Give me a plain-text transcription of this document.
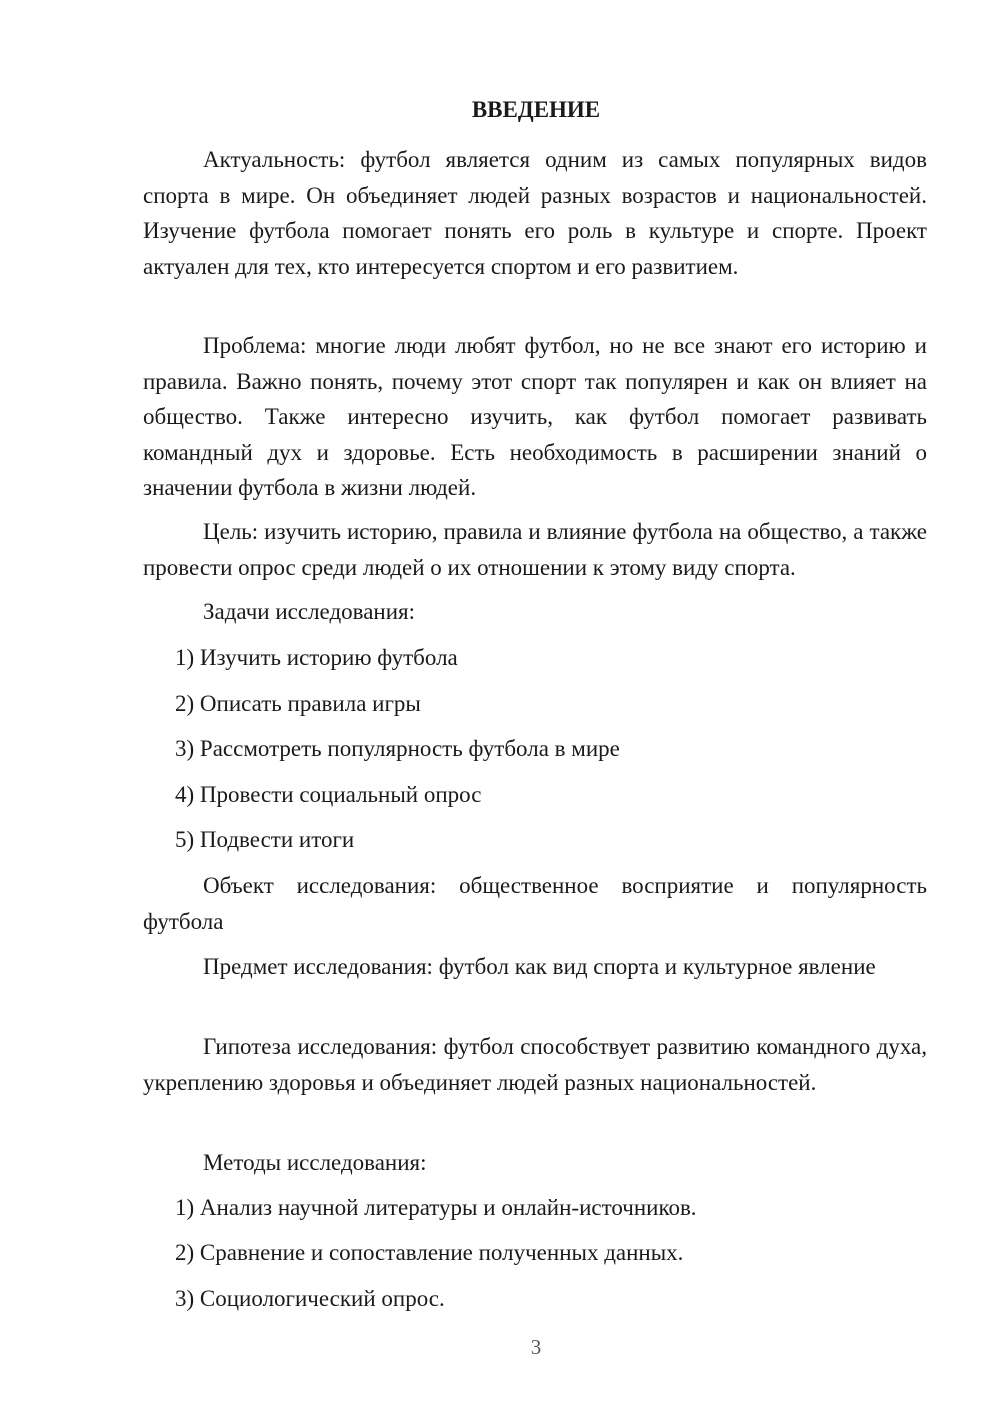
ВВЕДЕНИЕ

Актуальность: футбол является одним из самых популярных видов спорта в мире. Он объединяет людей разных возрастов и национальностей. Изучение футбола помогает понять его роль в культуре и спорте. Проект актуален для тех, кто интересуется спортом и его развитием.

Проблема: многие люди любят футбол, но не все знают его историю и правила. Важно понять, почему этот спорт так популярен и как он влияет на общество. Также интересно изучить, как футбол помогает развивать командный дух и здоровье. Есть необходимость в расширении знаний о значении футбола в жизни людей.

Цель: изучить историю, правила и влияние футбола на общество, а также провести опрос среди людей о их отношении к этому виду спорта.

Задачи исследования:

1) Изучить историю футбола

2) Описать правила игры

3) Рассмотреть популярность футбола в мире

4) Провести социальный опрос

5) Подвести итоги

Объект исследования: общественное восприятие и популярность футбола

Предмет исследования: футбол как вид спорта и культурное явление

Гипотеза исследования: футбол способствует развитию командного духа, укреплению здоровья и объединяет людей разных национальностей.

Методы исследования:

1) Анализ научной литературы и онлайн-источников.

2) Сравнение и сопоставление полученных данных.

3) Социологический опрос.

3
